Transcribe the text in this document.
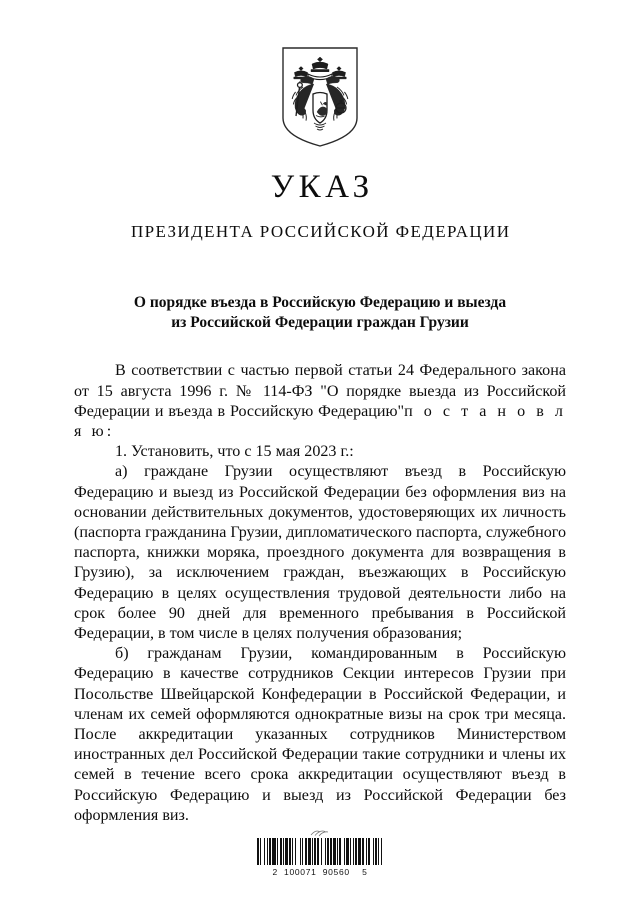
УКАЗ
ПРЕЗИДЕНТА РОССИЙСКОЙ ФЕДЕРАЦИИ
О порядке въезда в Российскую Федерацию и выезда из Российской Федерации граждан Грузии

В соответствии с частью первой статьи 24 Федерального закона от 15 августа 1996 г. № 114-ФЗ "О порядке выезда из Российской Федерации и въезда в Российскую Федерацию"п о с т а н о в л я ю:

1. Установить, что с 15 мая 2023 г.:

а) граждане Грузии осуществляют въезд в Российскую Федерацию и выезд из Российской Федерации без оформления виз на основании действительных документов, удостоверяющих их личность (паспорта гражданина Грузии, дипломатического паспорта, служебного паспорта, книжки моряка, проездного документа для возвращения в Грузию), за исключением граждан, въезжающих в Российскую Федерацию в целях осуществления трудовой деятельности либо на срок более 90 дней для временного пребывания в Российской Федерации, в том числе в целях получения образования;

б) гражданам Грузии, командированным в Российскую Федерацию в качестве сотрудников Секции интересов Грузии при Посольстве Швейцарской Конфедерации в Российской Федерации, и членам их семей оформляются однократные визы на срок три месяца. После аккредитации указанных сотрудников Министерством иностранных дел Российской Федерации такие сотрудники и члены их семей в течение всего срока аккредитации осуществляют въезд в Российскую Федерацию и выезд из Российской Федерации без оформления виз.

2  100071  90560    5
